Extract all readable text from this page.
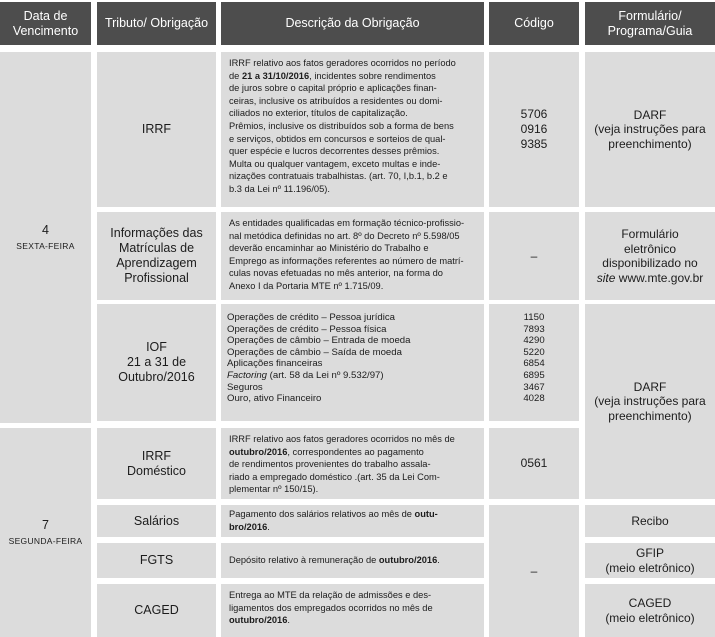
Data de Vencimento
Tributo/ Obrigação	Descrição da Obrigação	Código
Formulário/ Programa/Guia
4
SEXTA-FEIRA
7
SEGUNDA-FEIRA
IRRF
Informações das
Matrículas de
Aprendizagem
Profissional
IOF
21 a 31 de
Outubro/2016
IRRF
Doméstico
Salários
FGTS
CAGED
IRRF relativo aos fatos geradores ocorridos no período
de 21 a 31/10/2016, incidentes sobre rendimentos
de juros sobre o capital próprio e aplicações finan-
ceiras, inclusive os atribuídos a residentes ou domi-
ciliados no exterior, títulos de capitalização.
Prêmios, inclusive os distribuídos sob a forma de bens
e serviços, obtidos em concursos e sorteios de qual-
quer espécie e lucros decorrentes desses prêmios.
Multa ou qualquer vantagem, exceto multas e inde-
nizações contratuais trabalhistas. (art. 70, I,b.1, b.2 e
b.3 da Lei nº 11.196/05).
As entidades qualificadas em formação técnico-profissio-
nal metódica definidas no art. 8º do Decreto nº 5.598/05
deverão encaminhar ao Ministério do Trabalho e
Emprego as informações referentes ao número de matrí-
culas novas efetuadas no mês anterior, na forma do
Anexo I da Portaria MTE nº 1.715/09.
Operações de crédito – Pessoa jurídica
Operações de crédito – Pessoa física
Operações de câmbio – Entrada de moeda
Operações de câmbio – Saída de moeda
Aplicações financeiras
Factoring (art. 58 da Lei nº 9.532/97)
Seguros
Ouro, ativo Financeiro
IRRF relativo aos fatos geradores ocorridos no mês de
outubro/2016, correspondentes ao pagamento
de rendimentos provenientes do trabalho assala-
riado a empregado doméstico .(art. 35 da Lei Com-
plementar nº 150/15).
Pagamento dos salários relativos ao mês de outu-
bro/2016.
Depósito relativo à remuneração de outubro/2016.
Entrega ao MTE da relação de admissões e des-
ligamentos dos empregados ocorridos no mês de
outubro/2016.
5706
0916
9385
–
1150
7893
4290
5220
6854
6895
3467
4028
0561
–
DARF
(veja instruções para
preenchimento)
Formulário
eletrônico
disponibilizado no
site www.mte.gov.br
DARF
(veja instruções para
preenchimento)
Recibo
GFIP
(meio eletrônico)
CAGED
(meio eletrônico)
